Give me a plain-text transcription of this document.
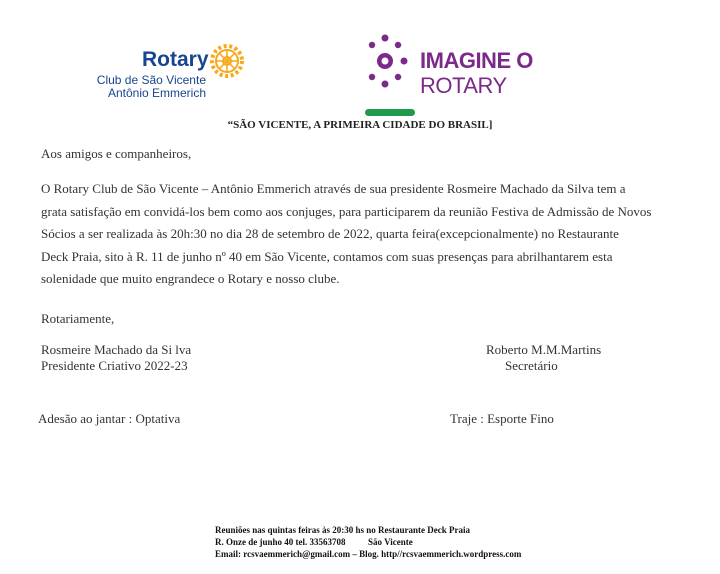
Rotary
Club de São Vicente
Antônio Emmerich
IMAGINE O
ROTARY
“SÃO VICENTE, A PRIMEIRA CIDADE DO BRASIL]
Aos amigos e companheiros,
O Rotary Club de São Vicente – Antônio Emmerich através de sua presidente Rosmeire Machado da Silva tem a
grata satisfação em convidá-los bem como aos conjuges, para participarem da reunião Festiva de Admissão de Novos
Sócios a ser realizada às 20h:30 no dia 28 de setembro de 2022, quarta feira(excepcionalmente) no Restaurante
Deck Praia, sito à R. 11 de junho nº 40 em São Vicente, contamos com suas presenças para abrilhantarem esta
solenidade que muito engrandece o Rotary e nosso clube.
Rotariamente,
Rosmeire Machado da Si lva
Presidente Criativo 2022-23
Roberto M.M.Martins
Secretário
Adesão ao jantar : Optativa	Traje : Esporte Fino
Reuniões nas quintas feiras às 20:30 hs no Restaurante Deck Praia
R. Onze de junho 40 tel. 33563708	São Vicente
Email: rcsvaemmerich@gmail.com – Blog. http//rcsvaemmerich.wordpress.com
